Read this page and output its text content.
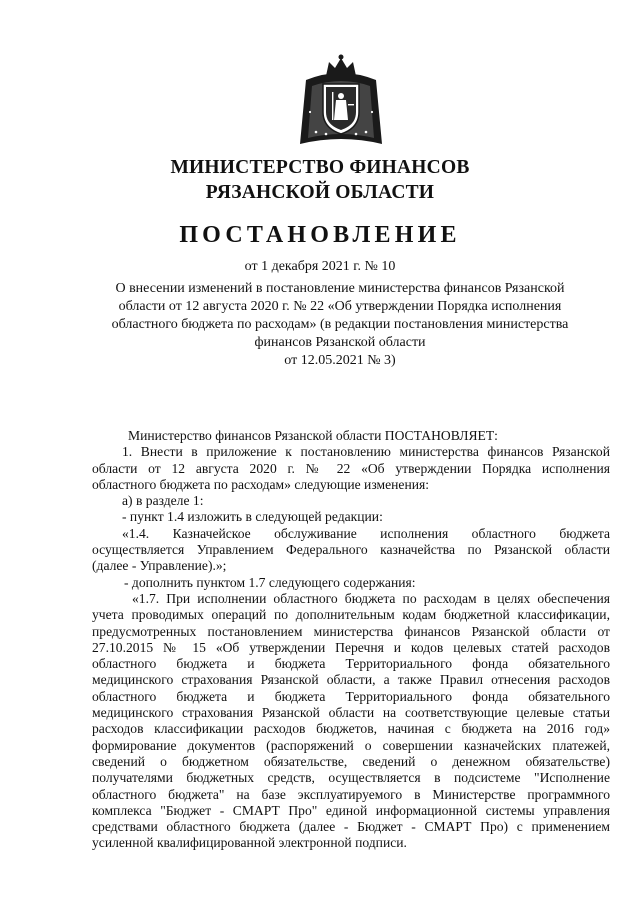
МИНИСТЕРСТВО ФИНАНСОВ
РЯЗАНСКОЙ ОБЛАСТИ
ПОСТАНОВЛЕНИЕ
от 1 декабря 2021 г. № 10
О внесении изменений в постановление министерства финансов Рязанской
области от 12 августа 2020 г. № 22 «Об утверждении Порядка исполнения
областного бюджета по расходам» (в редакции постановления министерства
финансов Рязанской области
от 12.05.2021 № 3)
Министерство финансов Рязанской области ПОСТАНОВЛЯЕТ:
1. Внести в приложение к постановлению министерства финансов Рязанской
области от 12 августа 2020 г. № 22 «Об утверждении Порядка исполнения
областного бюджета по расходам» следующие изменения:
а) в разделе 1:
- пункт 1.4 изложить в следующей редакции:
«1.4. Казначейское обслуживание исполнения областного бюджета
осуществляется Управлением Федерального казначейства по Рязанской области
(далее - Управление).»;
- дополнить пунктом 1.7 следующего содержания:
«1.7. При исполнении областного бюджета по расходам в целях обеспечения
учета проводимых операций по дополнительным кодам бюджетной классификации,
предусмотренных постановлением министерства финансов Рязанской области от
27.10.2015 № 15 «Об утверждении Перечня и кодов целевых статей расходов
областного бюджета и бюджета Территориального фонда обязательного
медицинского страхования Рязанской области, а также Правил отнесения расходов
областного бюджета и бюджета Территориального фонда обязательного
медицинского страхования Рязанской области на соответствующие целевые статьи
расходов классификации расходов бюджетов, начиная с бюджета на 2016 год»
формирование документов (распоряжений о совершении казначейских платежей,
сведений о бюджетном обязательстве, сведений о денежном обязательстве)
получателями бюджетных средств, осуществляется в подсистеме "Исполнение
областного бюджета" на базе эксплуатируемого в Министерстве программного
комплекса "Бюджет - СМАРТ Про" единой информационной системы управления
средствами областного бюджета (далее - Бюджет - СМАРТ Про) с применением
усиленной квалифицированной электронной подписи.
